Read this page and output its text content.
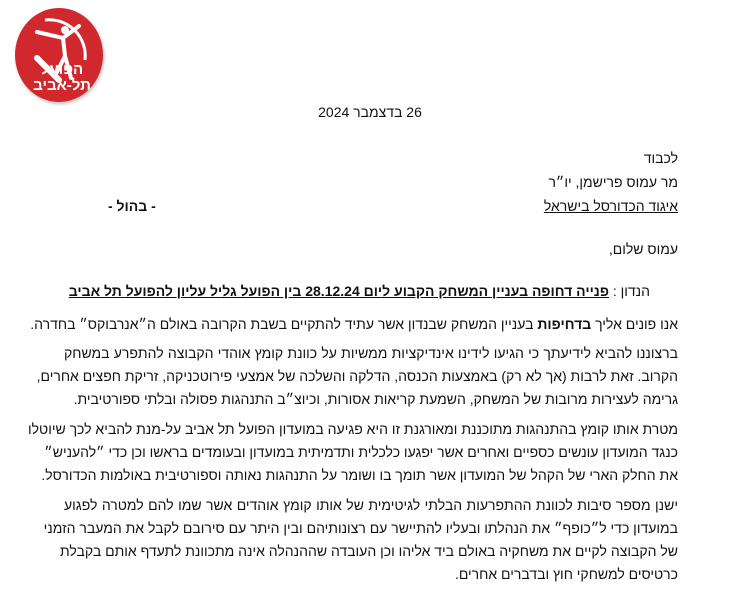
הפועל
תל-אביב
26 בדצמבר 2024
לכבוד
מר עמוס פרישמן, יו״ר
איגוד הכדורסל בישראל
- בהול -
עמוס שלום,
הנדון : פנייה דחופה בעניין המשחק הקבוע ליום 28.12.24 בין הפועל גליל עליון להפועל תל אביב
אנו פונים אליך בדחיפות בעניין המשחק שבנדון אשר עתיד להתקיים בשבת הקרובה באולם ה״אנרבוקס״ בחדרה.
ברצוננו להביא לידיעתך כי הגיעו לידינו אינדיקציות ממשיות על כוונת קומץ אוהדי הקבוצה להתפרע במשחק
הקרוב. זאת לרבות (אך לא רק) באמצעות הכנסה, הדלקה והשלכה של אמצעי פירוטכניקה, זריקת חפצים אחרים,
גרימה לעצירות מרובות של המשחק, השמעת קריאות אסורות, וכיוצ״ב התנהגות פסולה ובלתי ספורטיבית.
מטרת אותו קומץ בהתנהגות מתוכננת ומאורגנת זו היא פגיעה במועדון הפועל תל אביב על-מנת להביא לכך שיוטלו
כנגד המועדון עונשים כספיים ואחרים אשר יפגעו כלכלית ותדמיתית במועדון ובעומדים בראשו וכן כדי ״להעניש״
את החלק הארי של הקהל של המועדון אשר תומך בו ושומר על התנהגות נאותה וספורטיבית באולמות הכדורסל.
ישנן מספר סיבות לכוונת ההתפרעות הבלתי לגיטימית של אותו קומץ אוהדים אשר שמו להם למטרה לפגוע
במועדון כדי ל״כופף״ את הנהלתו ובעליו להתיישר עם רצונותיהם ובין היתר עם סירובם לקבל את המעבר הזמני
של הקבוצה לקיים את משחקיה באולם ביד אליהו וכן העובדה שההנהלה אינה מתכוונת לתעדף אותם בקבלת
כרטיסים למשחקי חוץ ובדברים אחרים.
